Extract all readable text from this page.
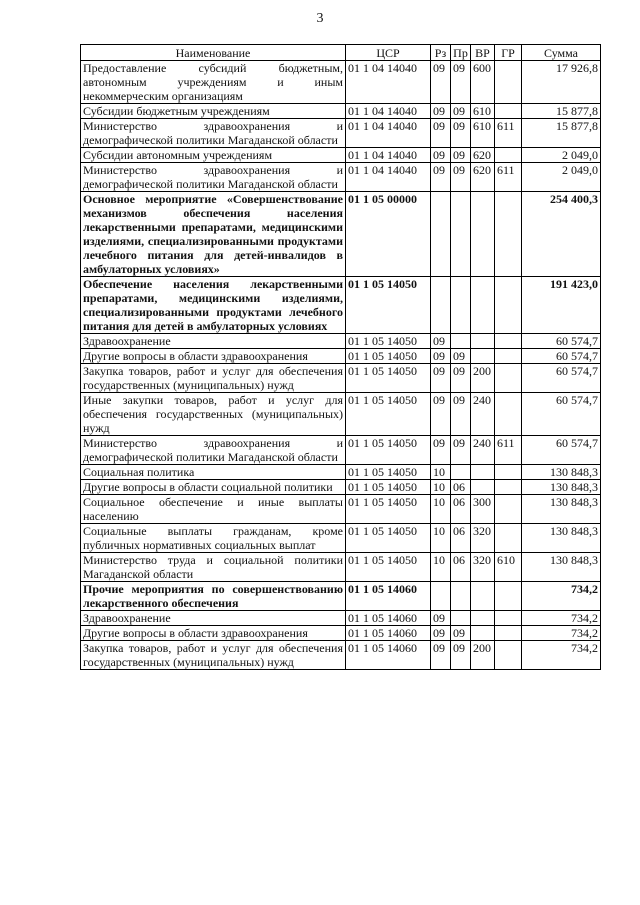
3
Наименование	ЦСР	Рз	Пр	ВР	ГР	Сумма
Предоставление субсидий бюджетным, автономным учреждениям и иным некоммерческим организациям	01 1 04 14040	09	09	600		17 926,8
Субсидии бюджетным учреждениям	01 1 04 14040	09	09	610		15 877,8
Министерство здравоохранения и демографической политики Магаданской области	01 1 04 14040	09	09	610	611	15 877,8
Субсидии автономным учреждениям	01 1 04 14040	09	09	620		2 049,0
Министерство здравоохранения и демографической политики Магаданской области	01 1 04 14040	09	09	620	611	2 049,0
Основное мероприятие «Совершенствование механизмов обеспечения населения лекарственными препаратами, медицинскими изделиями, специализированными продуктами лечебного питания для детей-инвалидов в амбулаторных условиях»	01 1 05 00000					254 400,3
Обеспечение населения лекарственными препаратами, медицинскими изделиями, специализированными продуктами лечебного питания для детей в амбулаторных условиях	01 1 05 14050					191 423,0
Здравоохранение	01 1 05 14050	09				60 574,7
Другие вопросы в области здравоохранения	01 1 05 14050	09	09			60 574,7
Закупка товаров, работ и услуг для обеспечения государственных (муниципальных) нужд	01 1 05 14050	09	09	200		60 574,7
Иные закупки товаров, работ и услуг для обеспечения государственных (муниципальных) нужд	01 1 05 14050	09	09	240		60 574,7
Министерство здравоохранения и демографической политики Магаданской области	01 1 05 14050	09	09	240	611	60 574,7
Социальная политика	01 1 05 14050	10				130 848,3
Другие вопросы в области социальной политики	01 1 05 14050	10	06			130 848,3
Социальное обеспечение и иные выплаты населению	01 1 05 14050	10	06	300		130 848,3
Социальные выплаты гражданам, кроме публичных нормативных социальных выплат	01 1 05 14050	10	06	320		130 848,3
Министерство труда и социальной политики Магаданской области	01 1 05 14050	10	06	320	610	130 848,3
Прочие мероприятия по совершенствованию лекарственного обеспечения	01 1 05 14060					734,2
Здравоохранение	01 1 05 14060	09				734,2
Другие вопросы в области здравоохранения	01 1 05 14060	09	09			734,2
Закупка товаров, работ и услуг для обеспечения государственных (муниципальных) нужд	01 1 05 14060	09	09	200		734,2
